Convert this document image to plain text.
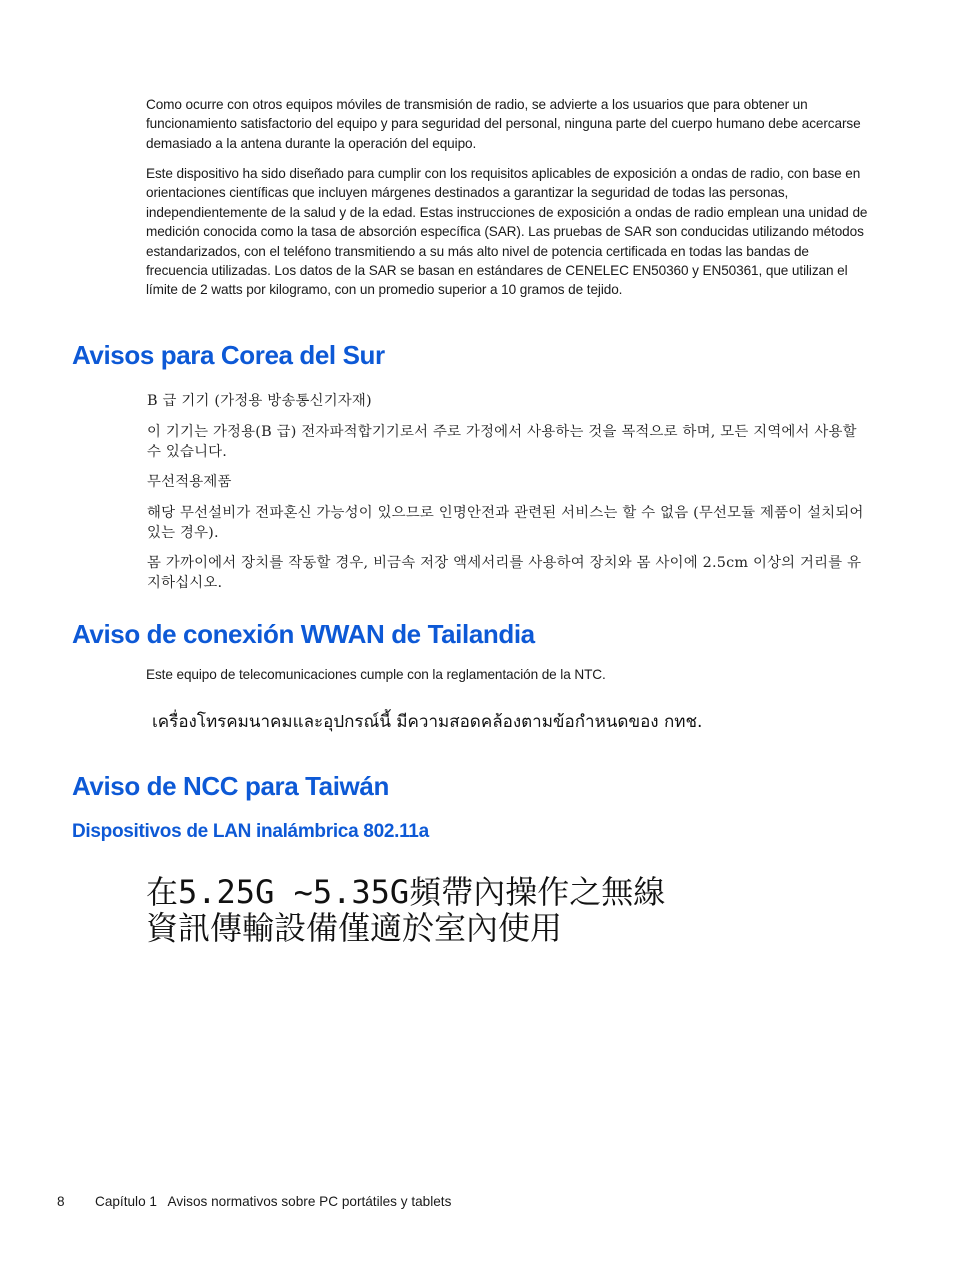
Como ocurre con otros equipos móviles de transmisión de radio, se advierte a los usuarios que para obtener un funcionamiento satisfactorio del equipo y para seguridad del personal, ninguna parte del cuerpo humano debe acercarse demasiado a la antena durante la operación del equipo.

Este dispositivo ha sido diseñado para cumplir con los requisitos aplicables de exposición a ondas de radio, con base en orientaciones científicas que incluyen márgenes destinados a garantizar la seguridad de todas las personas, independientemente de la salud y de la edad. Estas instrucciones de exposición a ondas de radio emplean una unidad de medición conocida como la tasa de absorción específica (SAR). Las pruebas de SAR son conducidas utilizando métodos estandarizados, con el teléfono transmitiendo a su más alto nivel de potencia certificada en todas las bandas de frecuencia utilizadas. Los datos de la SAR se basan en estándares de CENELEC EN50360 y EN50361, que utilizan el límite de 2 watts por kilogramo, con un promedio superior a 10 gramos de tejido.

Avisos para Corea del Sur

B 급 기기 (가정용 방송통신기자재)

이 기기는 가정용(B 급) 전자파적합기기로서 주로 가정에서 사용하는 것을 목적으로 하며, 모든 지역에서 사용할 수 있습니다.

무선적용제품

해당 무선설비가 전파혼신 가능성이 있으므로 인명안전과 관련된 서비스는 할 수 없음 (무선모듈 제품이 설치되어 있는 경우).

몸 가까이에서 장치를 작동할 경우, 비금속 저장 액세서리를 사용하여 장치와 몸 사이에 2.5cm 이상의 거리를 유지하십시오.

Aviso de conexión WWAN de Tailandia

Este equipo de telecomunicaciones cumple con la reglamentación de la NTC.

เครื่องโทรคมนาคมและอุปกรณ์นี้ มีความสอดคล้องตามข้อกำหนดของ กทช.

Aviso de NCC para Taiwán
Dispositivos de LAN inalámbrica 802.11a

在5.25G ~5.35G頻帶內操作之無線

資訊傳輸設備僅適於室內使用

8 Capítulo 1   Avisos normativos sobre PC portátiles y tablets
